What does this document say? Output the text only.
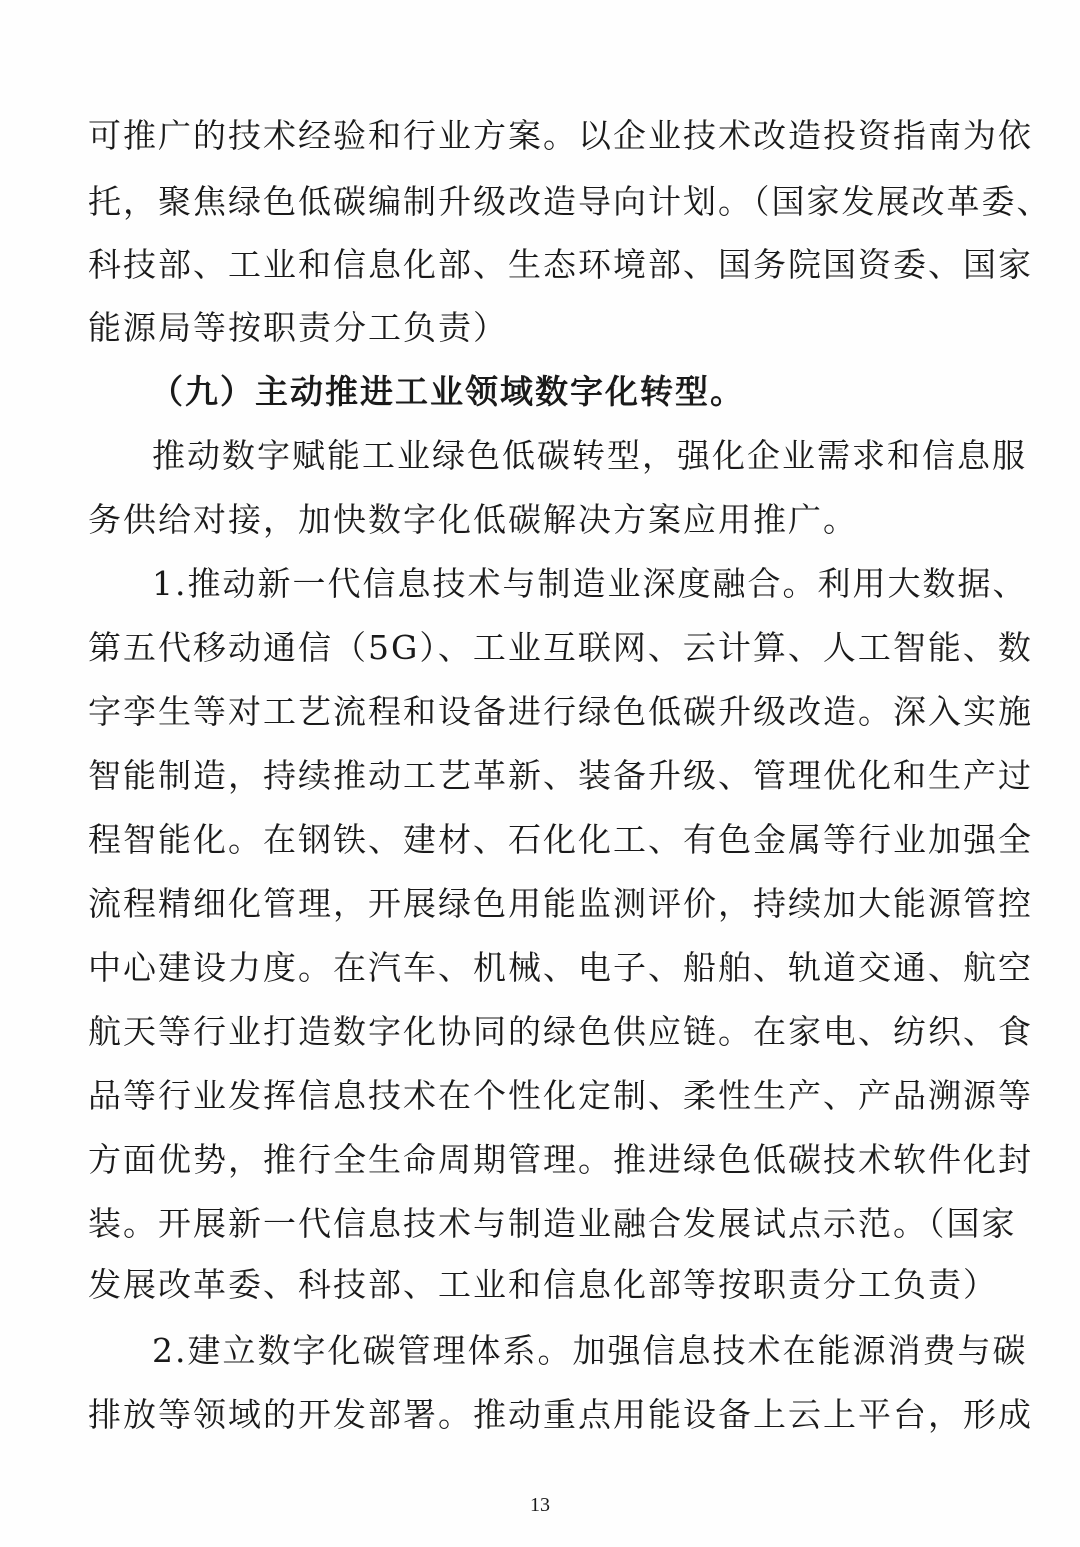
可推广的技术经验和行业方案。以企业技术改造投资指南为依
托，聚焦绿色低碳编制升级改造导向计划。（国家发展改革委、
科技部、工业和信息化部、生态环境部、国务院国资委、国家
能源局等按职责分工负责）
（九）主动推进工业领域数字化转型。
推动数字赋能工业绿色低碳转型，强化企业需求和信息服
务供给对接，加快数字化低碳解决方案应用推广。
1.推动新一代信息技术与制造业深度融合。利用大数据、
第五代移动通信（5G）、工业互联网、云计算、人工智能、数
字孪生等对工艺流程和设备进行绿色低碳升级改造。深入实施
智能制造，持续推动工艺革新、装备升级、管理优化和生产过
程智能化。在钢铁、建材、石化化工、有色金属等行业加强全
流程精细化管理，开展绿色用能监测评价，持续加大能源管控
中心建设力度。在汽车、机械、电子、船舶、轨道交通、航空
航天等行业打造数字化协同的绿色供应链。在家电、纺织、食
品等行业发挥信息技术在个性化定制、柔性生产、产品溯源等
方面优势，推行全生命周期管理。推进绿色低碳技术软件化封
装。开展新一代信息技术与制造业融合发展试点示范。（国家
发展改革委、科技部、工业和信息化部等按职责分工负责）
2.建立数字化碳管理体系。加强信息技术在能源消费与碳
排放等领域的开发部署。推动重点用能设备上云上平台，形成
13
